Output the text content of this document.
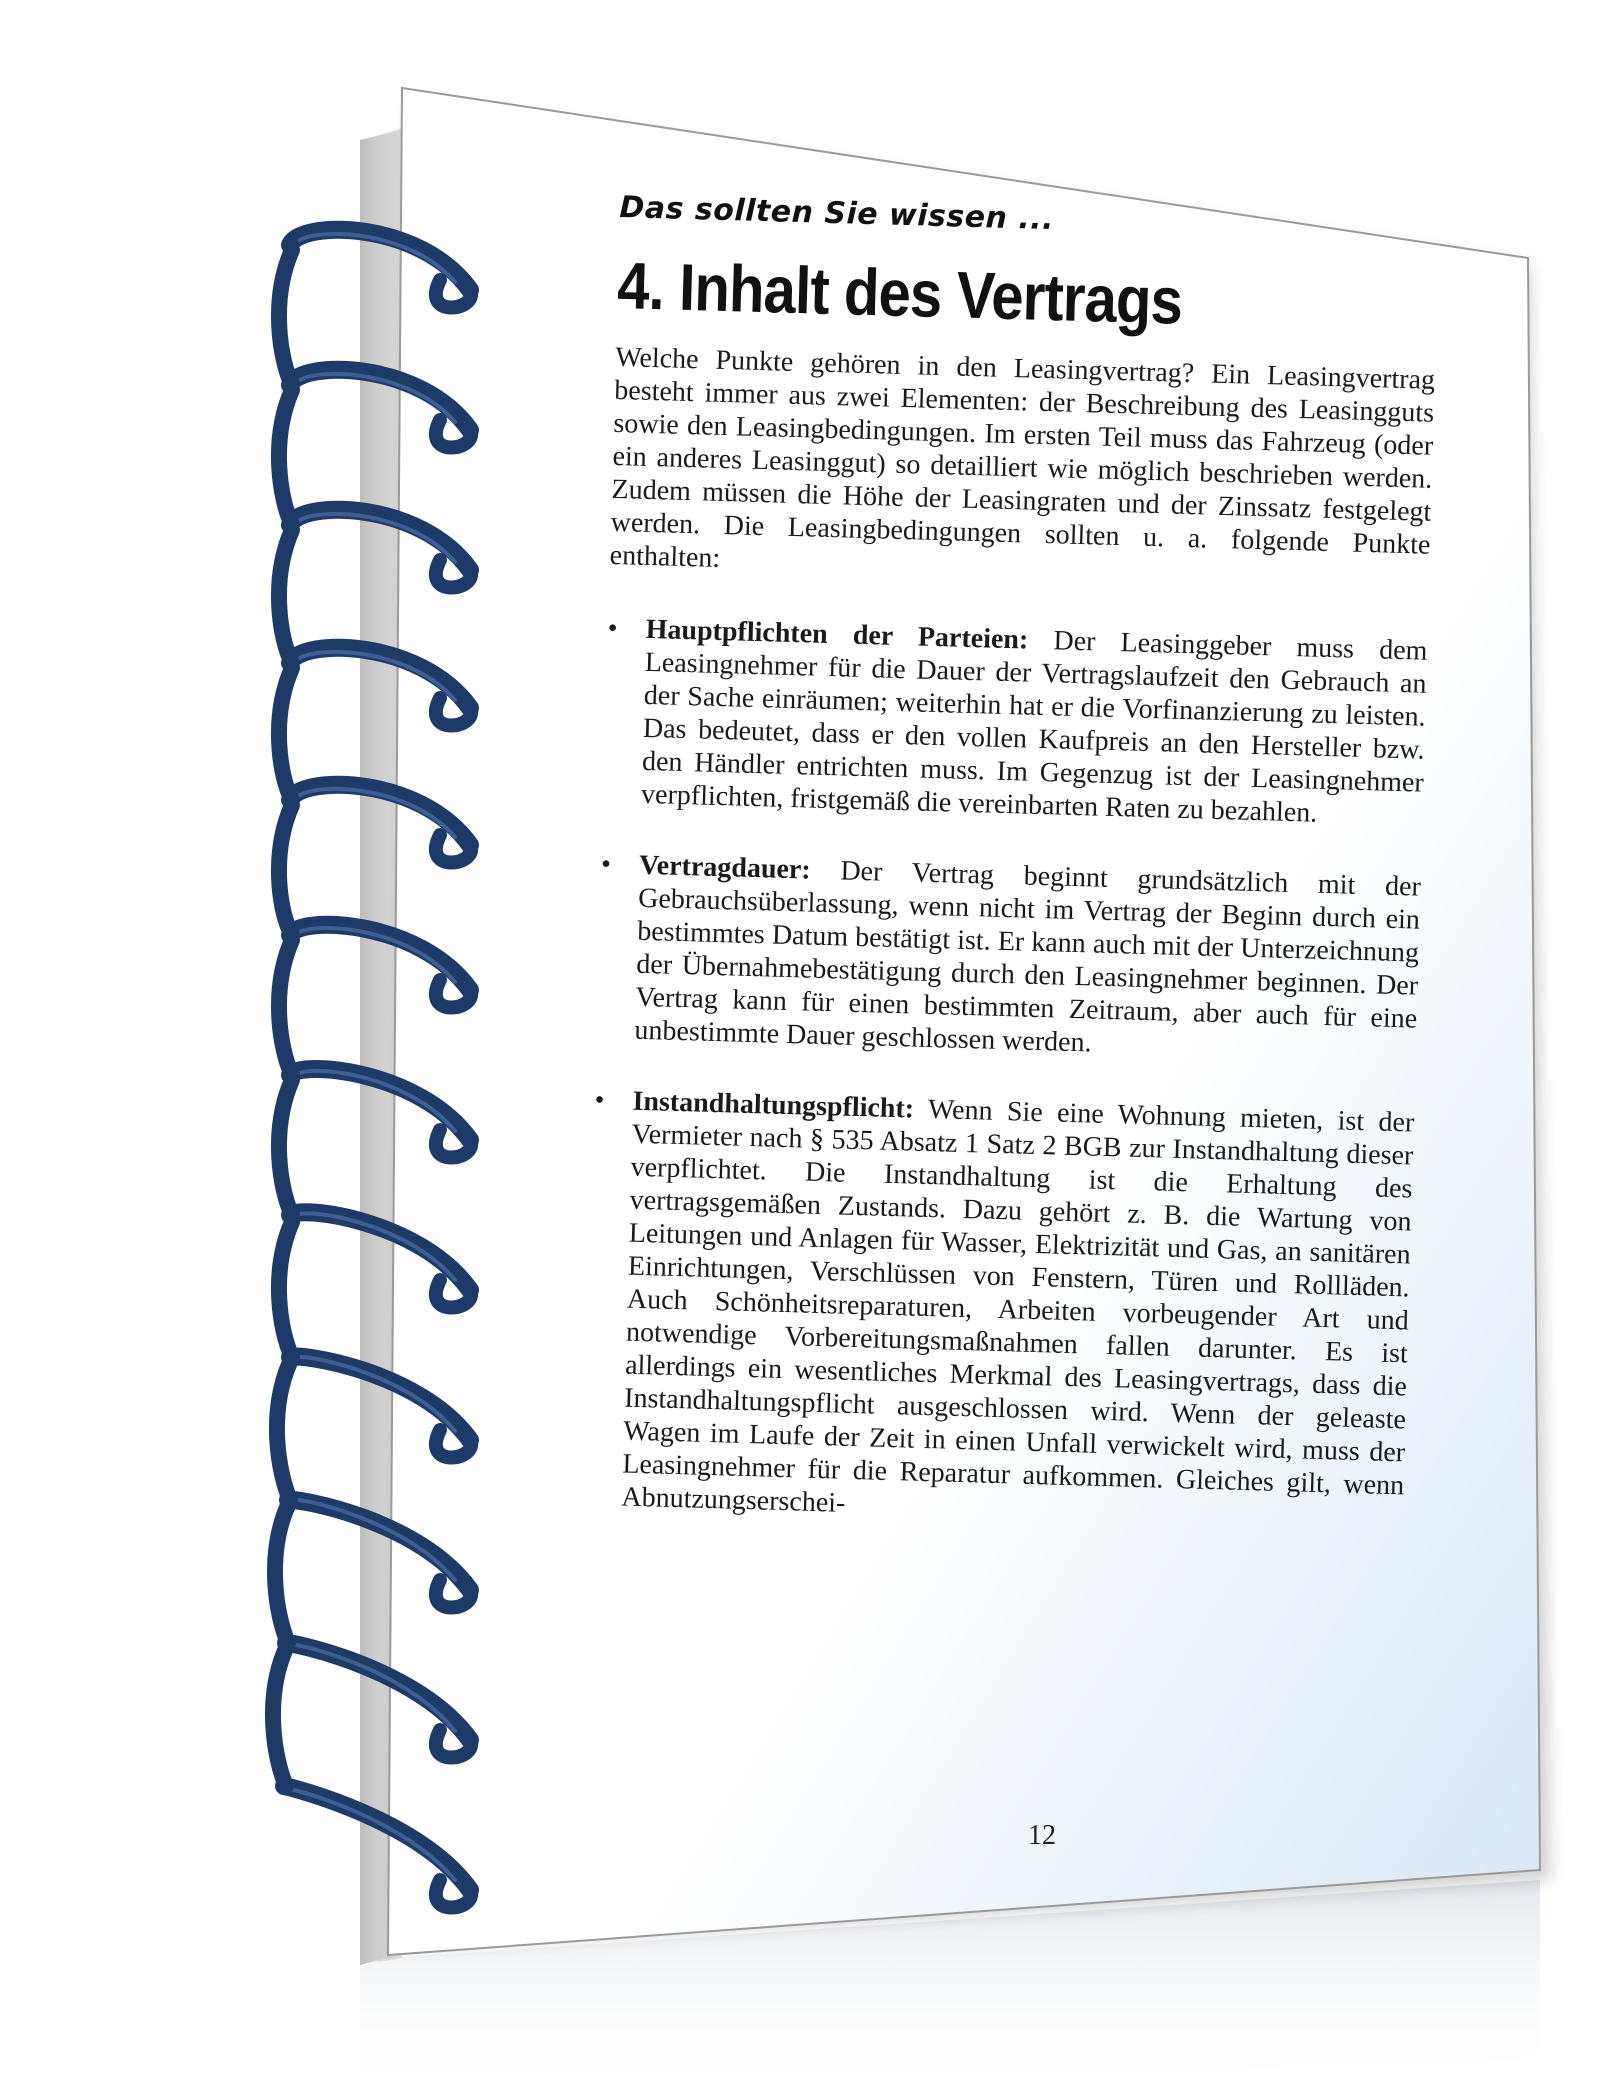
Das sollten Sie wissen ...
4. Inhalt des Vertrags

Welche Punkte gehören in den Leasingvertrag? Ein Leasingvertrag besteht immer aus zwei Elementen: der Beschreibung des Leasingguts sowie den Leasingbedingungen. Im ersten Teil muss das Fahrzeug (oder ein anderes Leasinggut) so detailliert wie möglich beschrieben werden. Zudem müssen die Höhe der Leasingraten und der Zinssatz festgelegt werden. Die Leasingbedingungen sollten u. a. folgende Punkte enthalten:

• Hauptpflichten der Parteien: Der Leasinggeber muss dem Leasingnehmer für die Dauer der Vertragslaufzeit den Gebrauch an der Sache einräumen; weiterhin hat er die Vorfinanzierung zu leisten. Das bedeutet, dass er den vollen Kaufpreis an den Hersteller bzw. den Händler entrichten muss. Im Gegenzug ist der Leasingnehmer verpflichten, fristgemäß die vereinbarten Raten zu bezahlen.
• Vertragdauer: Der Vertrag beginnt grundsätzlich mit der Gebrauchsüberlassung, wenn nicht im Vertrag der Beginn durch ein bestimmtes Datum bestätigt ist. Er kann auch mit der Unterzeichnung der Übernahmebestätigung durch den Leasingnehmer beginnen. Der Vertrag kann für einen bestimmten Zeitraum, aber auch für eine unbestimmte Dauer geschlossen werden.
• Instandhaltungspflicht: Wenn Sie eine Wohnung mieten, ist der Vermieter nach § 535 Absatz 1 Satz 2 BGB zur Instandhaltung dieser verpflichtet. Die Instandhaltung ist die Erhaltung des vertragsgemäßen Zustands. Dazu gehört z. B. die Wartung von Leitungen und Anlagen für Wasser, Elektrizität und Gas, an sanitären Einrichtungen, Verschlüssen von Fenstern, Türen und Rollläden. Auch Schönheitsreparaturen, Arbeiten vorbeugender Art und notwendige Vorbereitungsmaßnahmen fallen darunter. Es ist allerdings ein wesentliches Merkmal des Leasingvertrags, dass die Instandhaltungspflicht ausgeschlossen wird. Wenn der geleaste Wagen im Laufe der Zeit in einen Unfall verwickelt wird, muss der Leasingnehmer für die Reparatur aufkommen. Gleiches gilt, wenn Abnutzungserschei-
12
